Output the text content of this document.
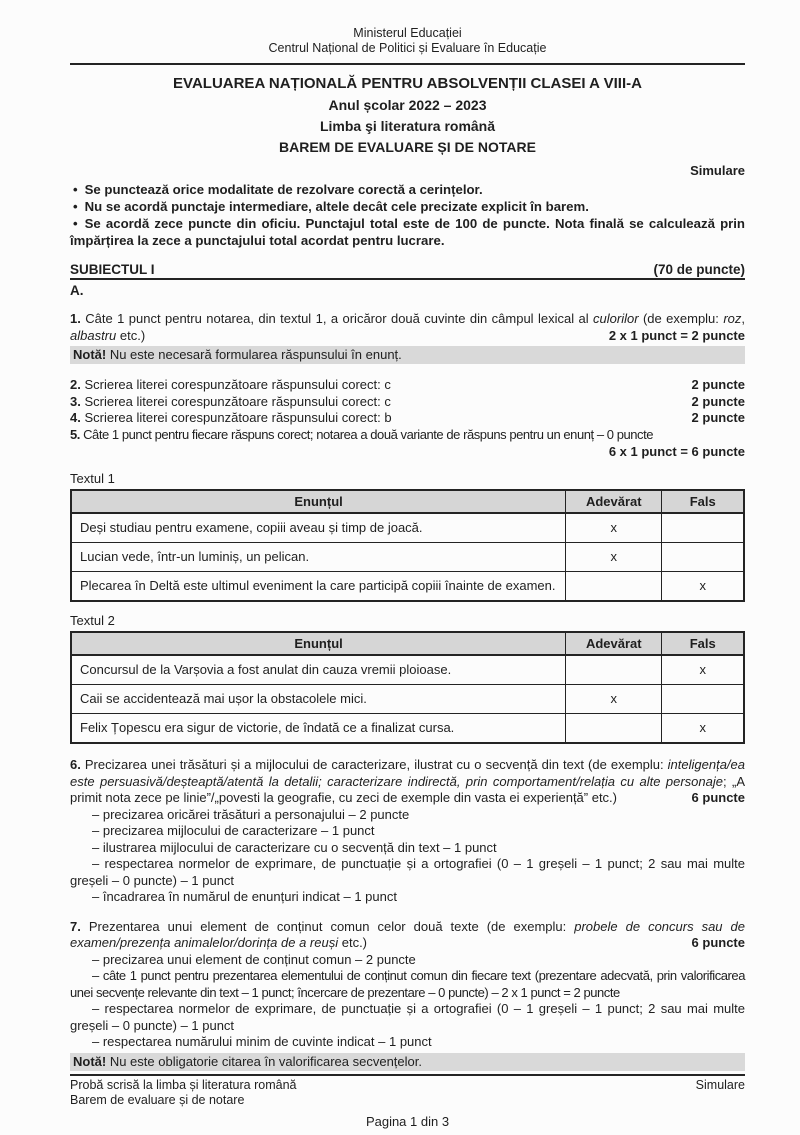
Ministerul Educației
Centrul Național de Politici și Evaluare în Educație
EVALUAREA NAȚIONALĂ PENTRU ABSOLVENȚII CLASEI A VIII-A
Anul școlar 2022 – 2023
Limba şi literatura română
BAREM DE EVALUARE ȘI DE NOTARE
Simulare

• Se punctează orice modalitate de rezolvare corectă a cerințelor.

• Nu se acordă punctaje intermediare, altele decât cele precizate explicit în barem.

• Se acordă zece puncte din oficiu. Punctajul total este de 100 de puncte. Nota finală se calculează prin împărțirea la zece a punctajului total acordat pentru lucrare.

SUBIECTUL I	(70 de puncte)
A.

1. Câte 1 punct pentru notarea, din textul 1, a oricăror două cuvinte din câmpul lexical al culorilor (de exemplu: roz, albastru etc.)	2 x 1 punct = 2 puncte

Notă! Nu este necesară formularea răspunsului în enunț.

2. Scrierea literei corespunzătoare răspunsului corect: c	2 puncte

3. Scrierea literei corespunzătoare răspunsului corect: c	2 puncte

4. Scrierea literei corespunzătoare răspunsului corect: b	2 puncte

5. Câte 1 punct pentru fiecare răspuns corect; notarea a două variante de răspuns pentru un enunț – 0 puncte

6 x 1 punct = 6 puncte
Textul 1
Enunțul	Adevărat	Fals
Deși studiau pentru examene, copiii aveau și timp de joacă.	x	
Lucian vede, într-un luminiș, un pelican.	x	
Plecarea în Deltă este ultimul eveniment la care participă copiii înainte de examen.		x
Textul 2
Enunțul	Adevărat	Fals
Concursul de la Varșovia a fost anulat din cauza vremii ploioase.		x
Caii se accidentează mai ușor la obstacolele mici.	x	
Felix Țopescu era sigur de victorie, de îndată ce a finalizat cursa.		x

6. Precizarea unei trăsături și a mijlocului de caracterizare, ilustrat cu o secvență din text (de exemplu: inteligența/ea este persuasivă/deșteaptă/atentă la detalii; caracterizare indirectă, prin comportament/relația cu alte personaje; „A primit nota zece pe linie”/„povesti la geografie, cu zeci de exemple din vasta ei experiență” etc.)	6 puncte

– precizarea oricărei trăsături a personajului – 2 puncte

– precizarea mijlocului de caracterizare – 1 punct

– ilustrarea mijlocului de caracterizare cu o secvență din text – 1 punct

– respectarea normelor de exprimare, de punctuație și a ortografiei (0 – 1 greșeli – 1 punct; 2 sau mai multe greșeli – 0 puncte) – 1 punct

– încadrarea în numărul de enunțuri indicat – 1 punct

7. Prezentarea unui element de conținut comun celor două texte (de exemplu: probele de concurs sau de examen/prezența animalelor/dorința de a reuși etc.)	6 puncte

– precizarea unui element de conținut comun – 2 puncte

– câte 1 punct pentru prezentarea elementului de conținut comun din fiecare text (prezentare adecvată, prin valorificarea unei secvențe relevante din text – 1 punct; încercare de prezentare – 0 puncte) – 2 x 1 punct = 2 puncte

– respectarea normelor de exprimare, de punctuație și a ortografiei (0 – 1 greșeli – 1 punct; 2 sau mai multe greșeli – 0 puncte) – 1 punct

– respectarea numărului minim de cuvinte indicat – 1 punct

Notă! Nu este obligatorie citarea în valorificarea secvențelor.
Probă scrisă la limba și literatura română
Barem de evaluare și de notare
Simulare
Pagina 1 din 3
